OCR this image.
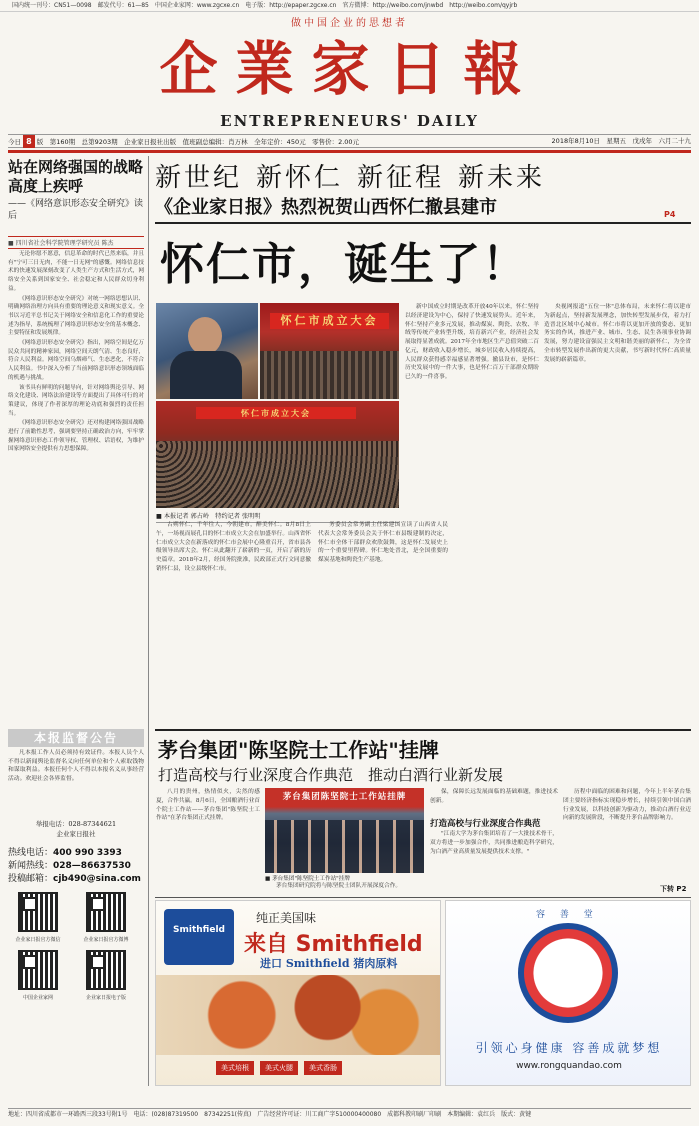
国内统一刊号：CN51—0098　邮发代号：61—85　中国企业家网：www.zgcxe.cn　电子版：http://epaper.zgcxe.cn　官方微博：http://weibo.com/jnwbd　http://weibo.com/qyjrb
做中国企业的思想者
企業家日報
ENTREPRENEURS' DAILY
今日 8 版　第160期　总第9203期　企业家日报社出版　值班副总编辑：肖万林　全年定价：450元　零售价：2.00元	2018年8月10日　星期五　戊戌年　六月二十九
站在网络强国的战略高度上疾呼
——《网络意识形态安全研究》读后
■ 四川省社会科学院管理学研究员 陈杰

无论你愿不愿意，信息革命的时代已然来临，并且有"宁可三日无肉，不能一日无网"的感慨。网络信息技术的快速发展深刻改变了人类生产方式和生活方式，网络安全关系到国家安全、社会稳定和人民群众切身利益。

《网络意识形态安全研究》对统一网络思想认识、明确网络治理方向具有重要的理论意义和现实意义。全书以习近平总书记关于网络安全和信息化工作的重要论述为指导，系统梳理了网络意识形态安全的基本概念、主要特征和发展规律。

《网络意识形态安全研究》指出，网络空间是亿万民众共同的精神家园，网络空间天朗气清、生态良好，符合人民利益。网络空间乌烟瘴气、生态恶化，不符合人民利益。书中深入分析了当前网络意识形态领域面临的机遇与挑战。

该书具有鲜明的问题导向，针对网络舆论引导、网络文化建设、网络法治建设等方面提出了具体可行的对策建议，体现了作者深厚的理论功底和强烈的责任担当。

《网络意识形态安全研究》还对构建网络强国战略进行了前瞻性思考，强调要坚持正确政治方向，牢牢掌握网络意识形态工作领导权、管理权、话语权，为维护国家网络安全提供有力思想保障。

本报监督公告
凡本报工作人员必须持有效证件。本报人员个人不得以新闻舆论监督名义向任何单位和个人索取钱物和谋取利益。本报任何个人不得以本报名义从事经营活动。欢迎社会各界监督。
举报电话：028-87344621
企业家日报社
热线电话：400 990 3393
新闻热线：028—86637530
投稿邮箱：cjb490@sina.com
企业家日报官方微信	企业家日报官方微博
中国企业家网	企业家日报电子版
新世纪 新怀仁 新征程 新未来
《企业家日报》热烈祝贺山西怀仁撤县建市	P4
怀仁市，诞生了！
怀仁市成立大会
怀仁市成立大会
■ 本报记者 郭占岭　特约记者 张明明
古朔怀仁，千年往人，今朝建市，醉美怀仁。8月8日上午，一场视而展孔目的怀仁市成立大会在加盛举行。山西省怀仁市成立大会在新落成的怀仁市会展中心隆重召开，省市县各级领导出席大会。怀仁从此翻开了崭新的一页，开启了新的历史篇章。2018年2月，经国务院批准，民政部正式行文同意撤销怀仁县，设立县级怀仁市。
务委员会常务副主任梁建国宣读了山西省人民代表大会常务委员会关于怀仁市县级建制的决定，怀仁市全体干部群众欢欣鼓舞，这是怀仁发展史上的一个重要里程碑。怀仁地处晋北，是全国重要的煤炭基地和陶瓷生产基地。
新中国成立时期是改革开放40年以来，怀仁坚持以经济建设为中心，保持了快速发展势头。近年来，怀仁坚持产业多元发展，推动煤炭、陶瓷、农牧、羊绒等传统产业转型升级，培育新兴产业，经济社会发展取得显著成就。2017年全市地区生产总值突破二百亿元，财政收入稳步增长，城乡居民收入持续提高，人民群众获得感幸福感显著增强。撤县设市，是怀仁历史发展中的一件大事，也是怀仁百万干部群众期盼已久的一件喜事。
央视网报道"五位一体"总体布局，未来怀仁将以建市为新起点，坚持新发展理念，加快转型发展步伐，着力打造晋北区域中心城市。怀仁市将以更加开放的姿态、更加务实的作风，推进产业、城市、生态、民生各项事业协调发展，努力建设富强民主文明和谐美丽的新怀仁，为全省全市转型发展作出新的更大贡献，书写新时代怀仁高质量发展的崭新篇章。
茅台集团"陈坚院士工作站"挂牌
打造高校与行业深度合作典范　推动白酒行业新发展
八月的贵州，热情似火，尖然的感夏，合作共赢。8月6日，全国酿酒行业首个院士工作站——茅台集团"陈坚院士工作站"在茅台集团正式挂牌。
茅台集团陈坚院士工作站挂牌
■ 茅台集团"陈坚院士工作站"挂牌
茅台集团研究院将与陈坚院士团队开展深度合作。
保，保障长远发展面临的基础难题，推进技术创新。
打造高校与行业深度合作典范
"江南大学为茅台集团培育了一大批技术骨干，双方将进一步加强合作，共同推进酿造科学研究，为白酒产业高质量发展提供技术支撑。"
历程中面临的困难和问题，今年上半年茅台集团主要经济指标实现稳步增长，持续引领中国白酒行业发展，以科技创新为驱动力，推动白酒行业迈向新的发展阶段，不断提升茅台品牌影响力。
下转 P2
Smithfield
纯正美国味
来自 Smithfield
进口 Smithfield 猪肉原料
美式培根	美式火腿	美式香肠
容 善 堂
引领心身健康 容善成就梦想
www.rongquandao.com
地址：四川省成都市一环路西三段33号附1号　电话：(028)87319500　87342251(传真)　广告经营许可证：川工商广字510000400080　成都科教印刷厂印刷　本期编辑：袁红兵　版式：黄键
